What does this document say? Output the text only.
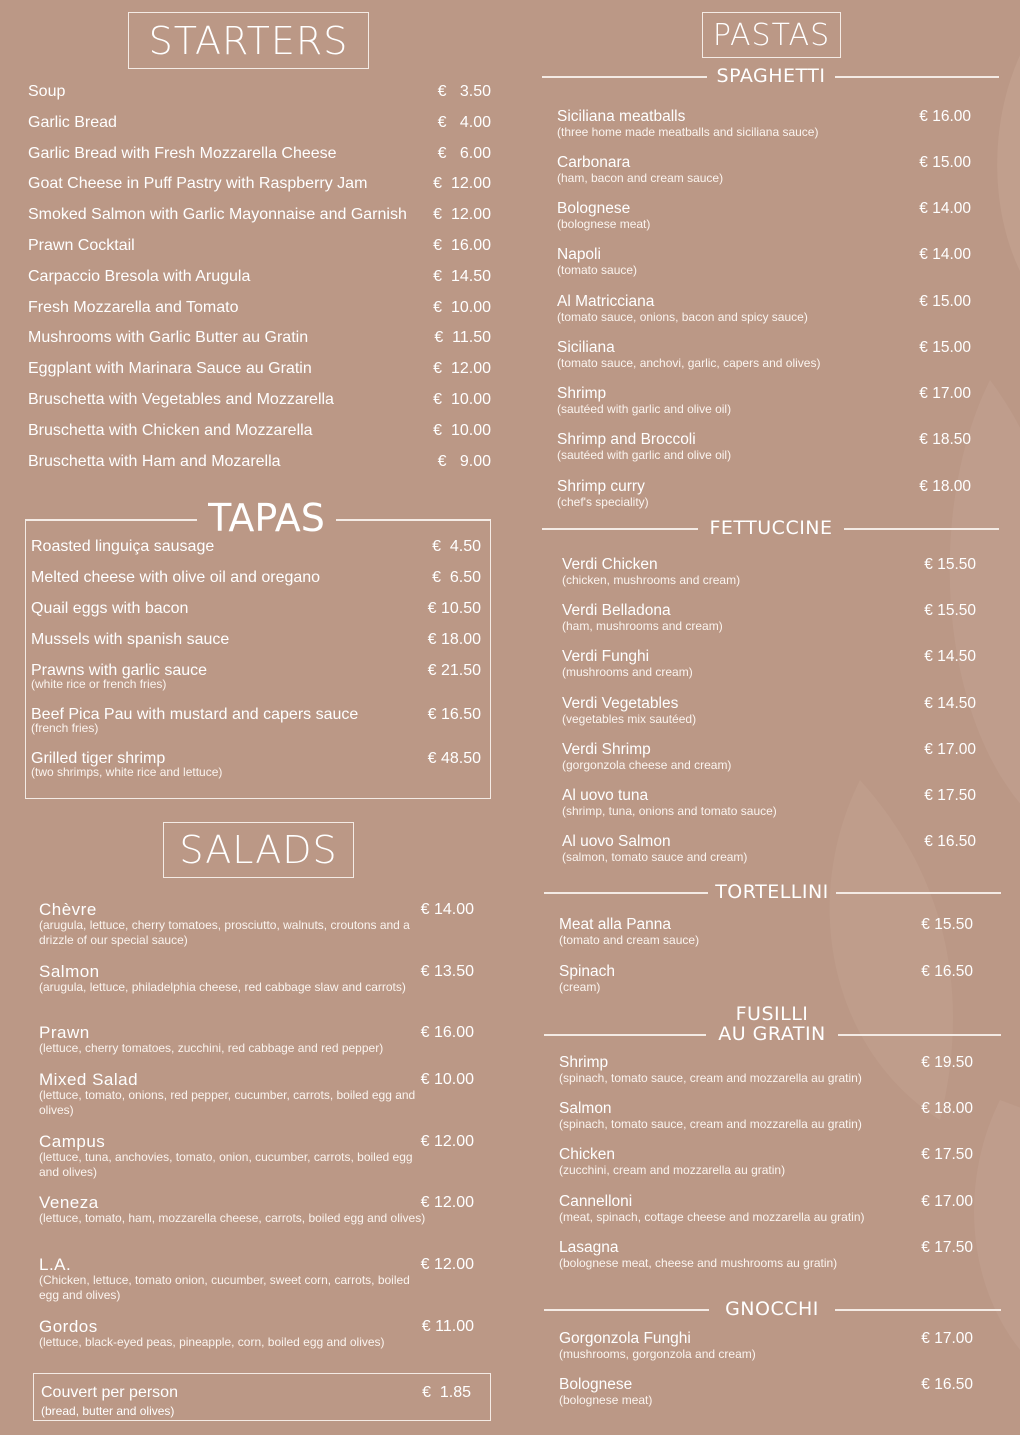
STARTERS
Soup	€   3.50
Garlic Bread	€   4.00
Garlic Bread with Fresh Mozzarella Cheese	€   6.00
Goat Cheese in Puff Pastry with Raspberry Jam	€  12.00
Smoked Salmon with Garlic Mayonnaise and Garnish €  12.00
Prawn Cocktail	€  16.00
Carpaccio Bresola with Arugula	€  14.50
Fresh Mozzarella and Tomato	€  10.00
Mushrooms with Garlic Butter au Gratin	€  11.50
Eggplant with Marinara Sauce au Gratin	€  12.00
Bruschetta with Vegetables and Mozzarella	€  10.00
Bruschetta with Chicken and Mozzarella	€  10.00
Bruschetta with Ham and Mozarella	€   9.00
TAPAS
Roasted linguiça sausage	€  4.50
Melted cheese with olive oil and oregano	€  6.50
Quail eggs with bacon	€ 10.50
Mussels with spanish sauce	€ 18.00
Prawns with garlic sauce	€ 21.50
(white rice or french fries)
Beef Pica Pau with mustard and capers sauce	€ 16.50
(french fries)
Grilled tiger shrimp	€ 48.50
(two shrimps, white rice and lettuce)
SALADS
Chèvre	€ 14.00
(arugula, lettuce, cherry tomatoes, prosciutto, walnuts, croutons and a drizzle of our special sauce)
Salmon	€ 13.50
(arugula, lettuce, philadelphia cheese, red cabbage slaw and carrots)
Prawn	€ 16.00
(lettuce, cherry tomatoes, zucchini, red cabbage and red pepper)
Mixed Salad	€ 10.00
(lettuce, tomato, onions, red pepper, cucumber, carrots, boiled egg and olives)
Campus	€ 12.00
(lettuce, tuna, anchovies, tomato, onion, cucumber, carrots, boiled egg and olives)
Veneza	€ 12.00
(lettuce, tomato, ham, mozzarella cheese, carrots, boiled egg and olives)
L.A.	€ 12.00
(Chicken, lettuce, tomato onion, cucumber, sweet corn, carrots, boiled egg and olives)
Gordos	€ 11.00
(lettuce, black-eyed peas, pineapple, corn, boiled egg and olives)
Couvert per person	€  1.85
(bread, butter and olives)
PASTAS
SPAGHETTI
Siciliana meatballs	€ 16.00
(three home made meatballs and siciliana sauce)
Carbonara	€ 15.00
(ham, bacon and cream sauce)
Bolognese	€ 14.00
(bolognese meat)
Napoli	€ 14.00
(tomato sauce)
Al Matricciana	€ 15.00
(tomato sauce, onions, bacon and spicy sauce)
Siciliana	€ 15.00
(tomato sauce, anchovi, garlic, capers and olives)
Shrimp	€ 17.00
(sautéed with garlic and olive oil)
Shrimp and Broccoli	€ 18.50
(sautéed with garlic and olive oil)
Shrimp curry	€ 18.00
(chef's speciality)
FETTUCCINE
Verdi Chicken	€ 15.50
(chicken, mushrooms and cream)
Verdi Belladona	€ 15.50
(ham, mushrooms and cream)
Verdi Funghi	€ 14.50
(mushrooms and cream)
Verdi Vegetables	€ 14.50
(vegetables mix sautéed)
Verdi Shrimp	€ 17.00
(gorgonzola cheese and cream)
Al uovo tuna	€ 17.50
(shrimp, tuna, onions and tomato sauce)
Al uovo Salmon	€ 16.50
(salmon, tomato sauce and cream)
TORTELLINI
Meat alla Panna	€ 15.50
(tomato and cream sauce)
Spinach	€ 16.50
(cream)
FUSILLI
AU GRATIN
Shrimp	€ 19.50
(spinach, tomato sauce, cream and mozzarella au gratin)
Salmon	€ 18.00
(spinach, tomato sauce, cream and mozzarella au gratin)
Chicken	€ 17.50
(zucchini, cream and mozzarella au gratin)
Cannelloni	€ 17.00
(meat, spinach, cottage cheese and mozzarella au gratin)
Lasagna	€ 17.50
(bolognese meat, cheese and mushrooms au gratin)
GNOCCHI
Gorgonzola Funghi	€ 17.00
(mushrooms, gorgonzola and cream)
Bolognese	€ 16.50
(bolognese meat)
